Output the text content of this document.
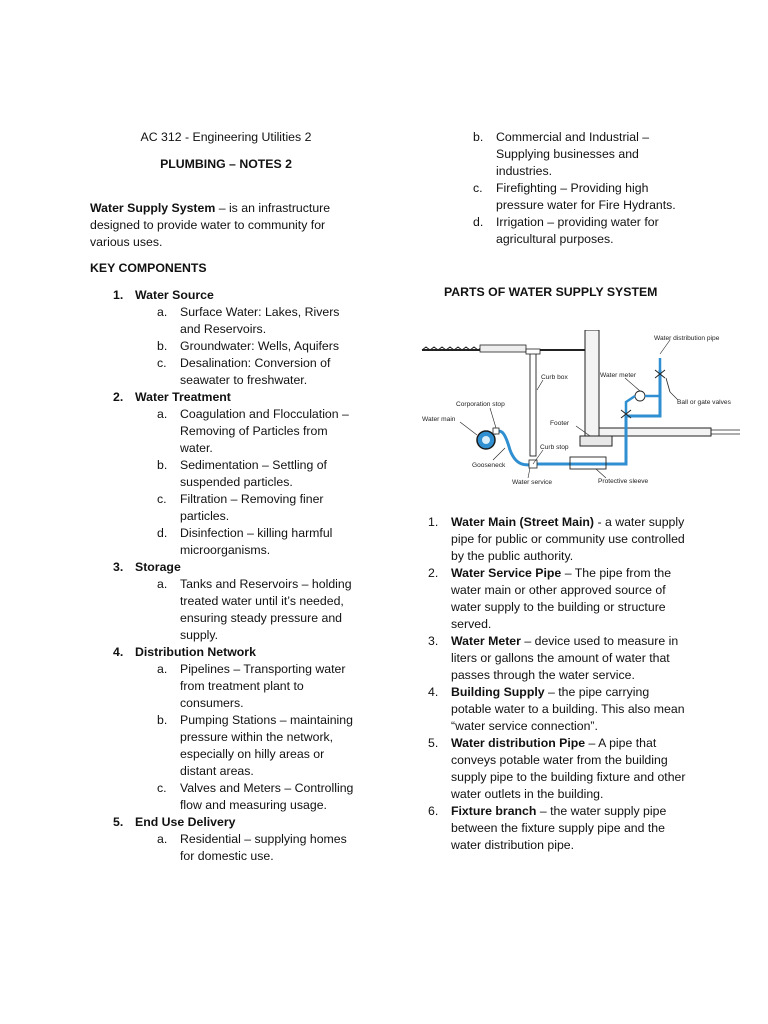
AC 312 - Engineering Utilities 2
PLUMBING – NOTES 2
Water Supply System – is an infrastructure designed to provide water to community for various uses.
KEY COMPONENTS
1. Water Source
a.	Surface Water: Lakes, Rivers and Reservoirs.
b.	Groundwater: Wells, Aquifers
c.	Desalination: Conversion of seawater to freshwater.
2. Water Treatment
a.	Coagulation and Flocculation – Removing of Particles from water.
b.	Sedimentation – Settling of suspended particles.
c.	Filtration – Removing finer particles.
d.	Disinfection – killing harmful microorganisms.
3. Storage
a.	Tanks and Reservoirs – holding treated water until it’s needed, ensuring steady pressure and supply.
4. Distribution Network
a.	Pipelines – Transporting water from treatment plant to consumers.
b.	Pumping Stations – maintaining pressure within the network, especially on hilly areas or distant areas.
c.	Valves and Meters – Controlling flow and measuring usage.
5. End Use Delivery
a.	Residential – supplying homes for domestic use.
b.	Commercial and Industrial – Supplying businesses and industries.
c.	Firefighting – Providing high pressure water for Fire Hydrants.
d.	Irrigation – providing water for agricultural purposes.
PARTS OF WATER SUPPLY SYSTEM
Water distribution pipe
Curb box	Water meter
Ball or gate valves
Corporation stop
Water main
Footer
Curb stop
Gooseneck
Water service	Protective sleeve
1.	Water Main (Street Main) - a water supply pipe for public or community use controlled by the public authority.
2.	Water Service Pipe – The pipe from the water main or other approved source of water supply to the building or structure served.
3.	Water Meter – device used to measure in liters or gallons the amount of water that passes through the water service.
4.	Building Supply – the pipe carrying potable water to a building. This also mean “water service connection”.
5.	Water distribution Pipe – A pipe that conveys potable water from the building supply pipe to the building fixture and other water outlets in the building.
6.	Fixture branch – the water supply pipe between the fixture supply pipe and the water distribution pipe.
